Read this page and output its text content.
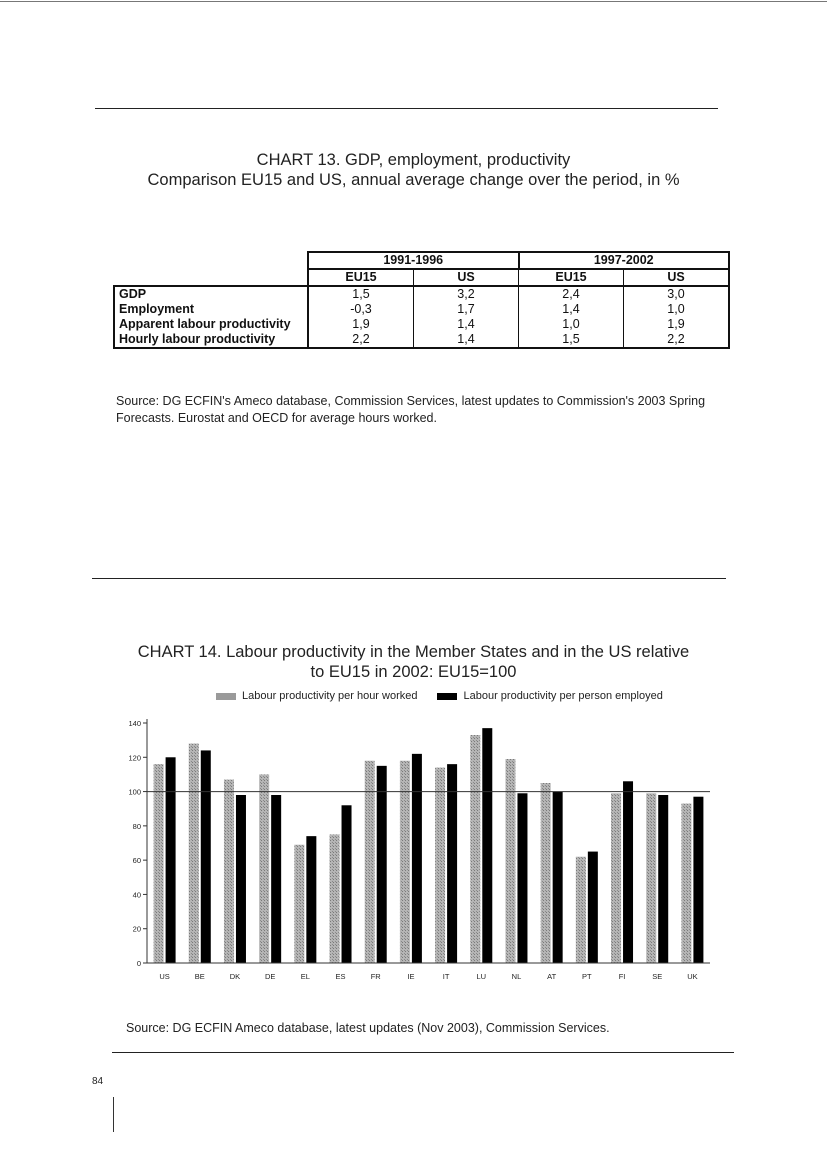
CHART 13. GDP, employment, productivity
Comparison EU15 and US, annual average change over the period, in %
	1991-1996		1997-2002	
	EU15	US	EU15	US
GDP	1,5	3,2	2,4	3,0
Employment	-0,3	1,7	1,4	1,0
Apparent labour productivity	1,9	1,4	1,0	1,9
Hourly labour productivity	2,2	1,4	1,5	2,2
Source: DG ECFIN's Ameco database, Commission Services, latest updates to Commission's 2003 Spring Forecasts. Eurostat and OECD for average hours worked.
CHART 14. Labour productivity in the Member States and in the US relative
to EU15 in 2002: EU15=100
Labour productivity per hour worked	Labour productivity per person employed
US	BE	DK	DE	EL	ES	FR	IE	IT	LU	NL	AT	PT	FI	SE	UK
0
20
40
60
80
100
120
140
Source: DG ECFIN Ameco database, latest updates (Nov 2003), Commission Services.
84
